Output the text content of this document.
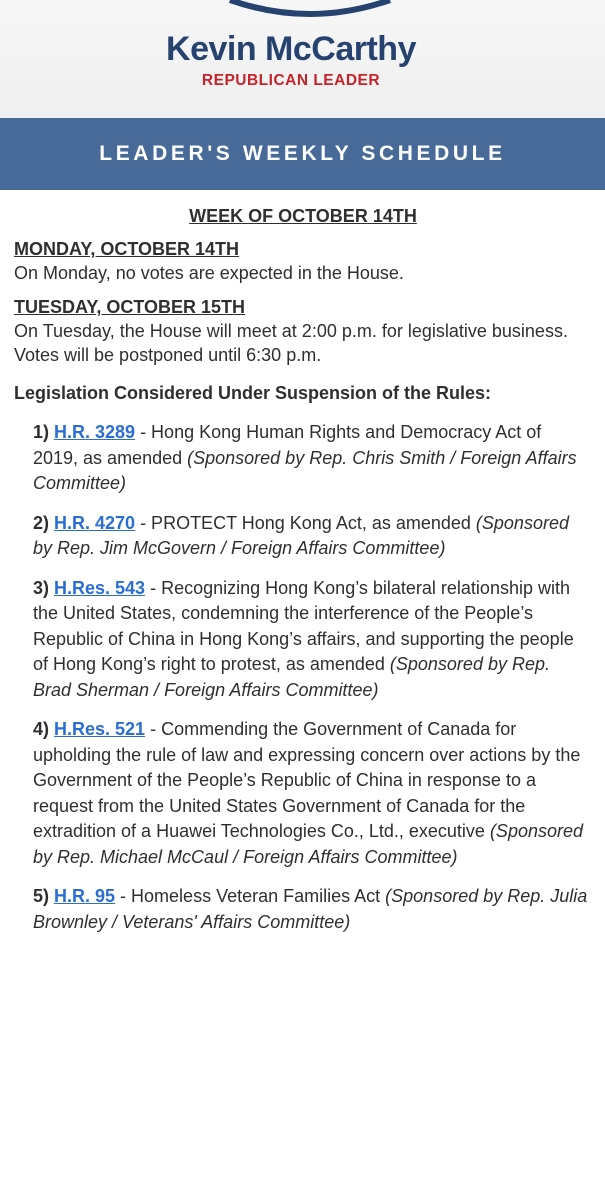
Kevin McCarthy
REPUBLICAN LEADER
LEADER'S WEEKLY SCHEDULE
WEEK OF OCTOBER 14TH
MONDAY, OCTOBER 14TH
On Monday, no votes are expected in the House.
TUESDAY, OCTOBER 15TH
On Tuesday, the House will meet at 2:00 p.m. for legislative business. Votes will be postponed until 6:30 p.m.
Legislation Considered Under Suspension of the Rules:
1) H.R. 3289 - Hong Kong Human Rights and Democracy Act of 2019, as amended (Sponsored by Rep. Chris Smith / Foreign Affairs Committee)
2) H.R. 4270 - PROTECT Hong Kong Act, as amended (Sponsored by Rep. Jim McGovern / Foreign Affairs Committee)
3) H.Res. 543 - Recognizing Hong Kong’s bilateral relationship with the United States, condemning the interference of the People’s Republic of China in Hong Kong’s affairs, and supporting the people of Hong Kong’s right to protest, as amended (Sponsored by Rep. Brad Sherman / Foreign Affairs Committee)
4) H.Res. 521 - Commending the Government of Canada for upholding the rule of law and expressing concern over actions by the Government of the People’s Republic of China in response to a request from the United States Government of Canada for the extradition of a Huawei Technologies Co., Ltd., executive (Sponsored by Rep. Michael McCaul / Foreign Affairs Committee)
5) H.R. 95 - Homeless Veteran Families Act (Sponsored by Rep. Julia Brownley / Veterans' Affairs Committee)
